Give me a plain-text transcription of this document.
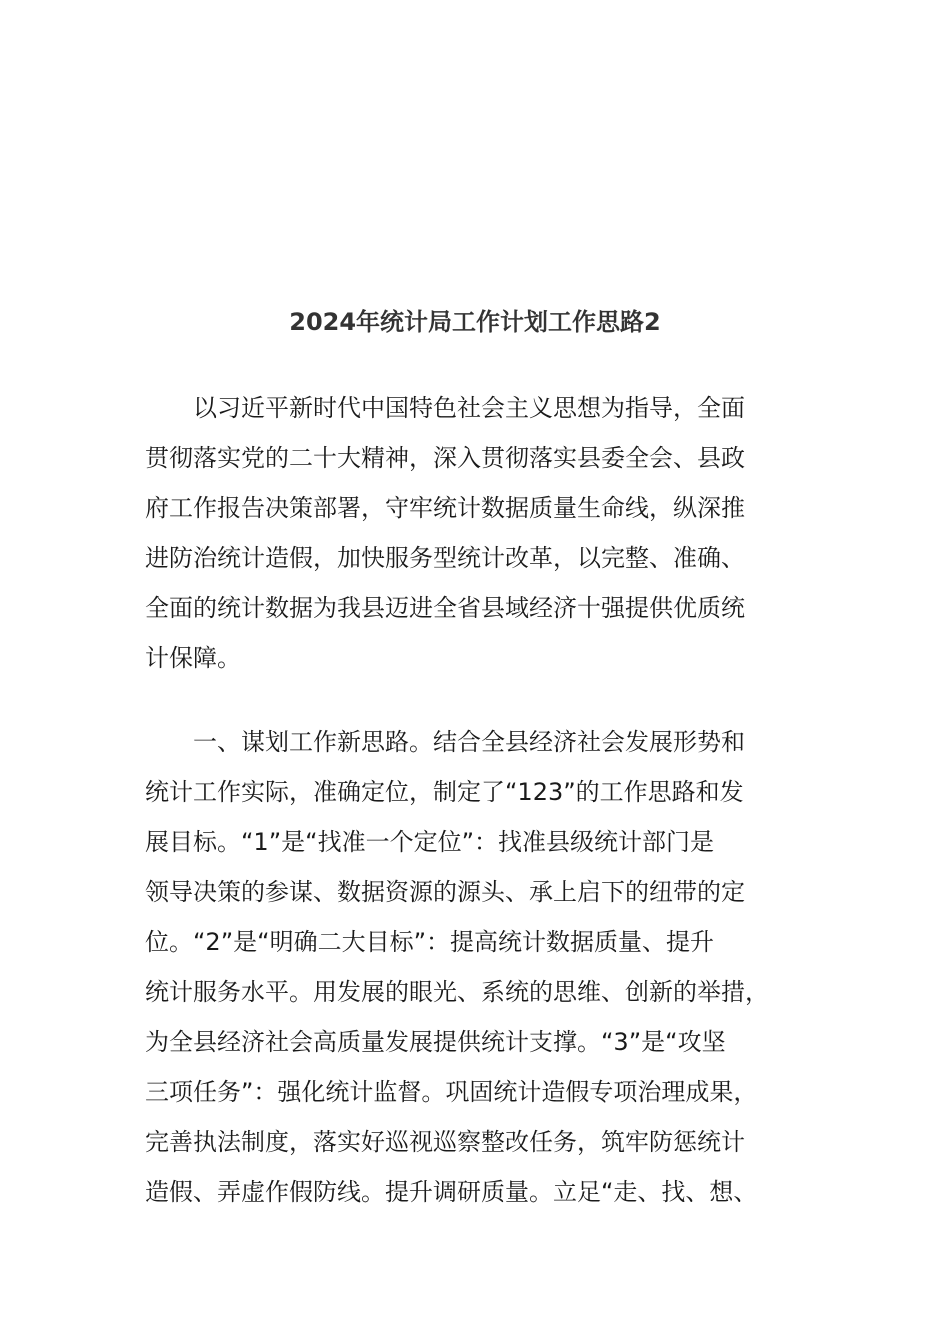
2024年统计局工作计划工作思路2
　　以习近平新时代中国特色社会主义思想为指导，全面
贯彻落实党的二十大精神，深入贯彻落实县委全会、县政
府工作报告决策部署，守牢统计数据质量生命线，纵深推
进防治统计造假，加快服务型统计改革，以完整、准确、
全面的统计数据为我县迈进全省县域经济十强提供优质统
计保障。
　　一、谋划工作新思路。结合全县经济社会发展形势和
统计工作实际，准确定位，制定了“123”的工作思路和发
展目标。“1”是“找准一个定位”：找准县级统计部门是
领导决策的参谋、数据资源的源头、承上启下的纽带的定
位。“2”是“明确二大目标”：提高统计数据质量、提升
统计服务水平。用发展的眼光、系统的思维、创新的举措，
为全县经济社会高质量发展提供统计支撑。“3”是“攻坚
三项任务”：强化统计监督。巩固统计造假专项治理成果，
完善执法制度，落实好巡视巡察整改任务，筑牢防惩统计
造假、弄虚作假防线。提升调研质量。立足“走、找、想、
